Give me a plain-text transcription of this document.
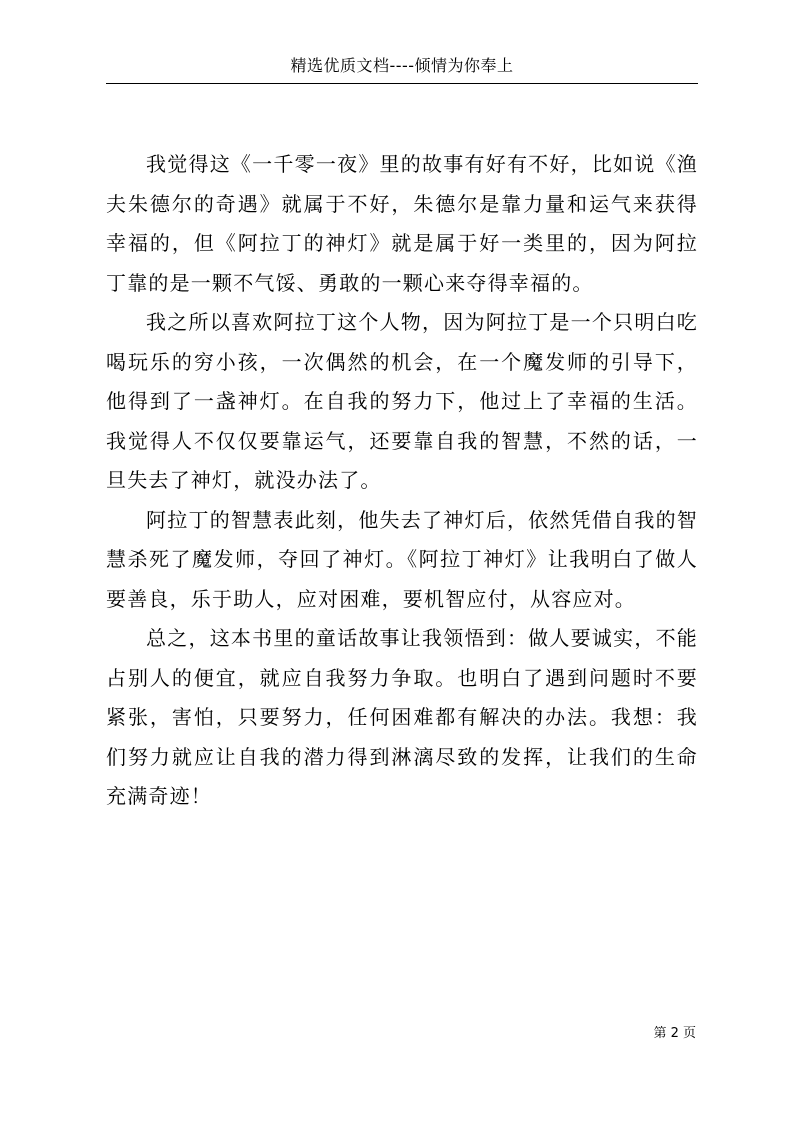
精选优质文档----倾情为你奉上

我觉得这《一千零一夜》里的故事有好有不好，比如说《渔夫朱德尔的奇遇》就属于不好，朱德尔是靠力量和运气来获得幸福的，但《阿拉丁的神灯》就是属于好一类里的，因为阿拉丁靠的是一颗不气馁、勇敢的一颗心来夺得幸福的。

我之所以喜欢阿拉丁这个人物，因为阿拉丁是一个只明白吃喝玩乐的穷小孩，一次偶然的机会，在一个魔发师的引导下，他得到了一盏神灯。在自我的努力下，他过上了幸福的生活。我觉得人不仅仅要靠运气，还要靠自我的智慧，不然的话，一旦失去了神灯，就没办法了。

阿拉丁的智慧表此刻，他失去了神灯后，依然凭借自我的智慧杀死了魔发师，夺回了神灯。《阿拉丁神灯》让我明白了做人要善良，乐于助人，应对困难，要机智应付，从容应对。

总之，这本书里的童话故事让我领悟到：做人要诚实，不能占别人的便宜，就应自我努力争取。也明白了遇到问题时不要紧张，害怕，只要努力，任何困难都有解决的办法。我想：我们努力就应让自我的潜力得到淋漓尽致的发挥，让我们的生命充满奇迹！

第 2 页
